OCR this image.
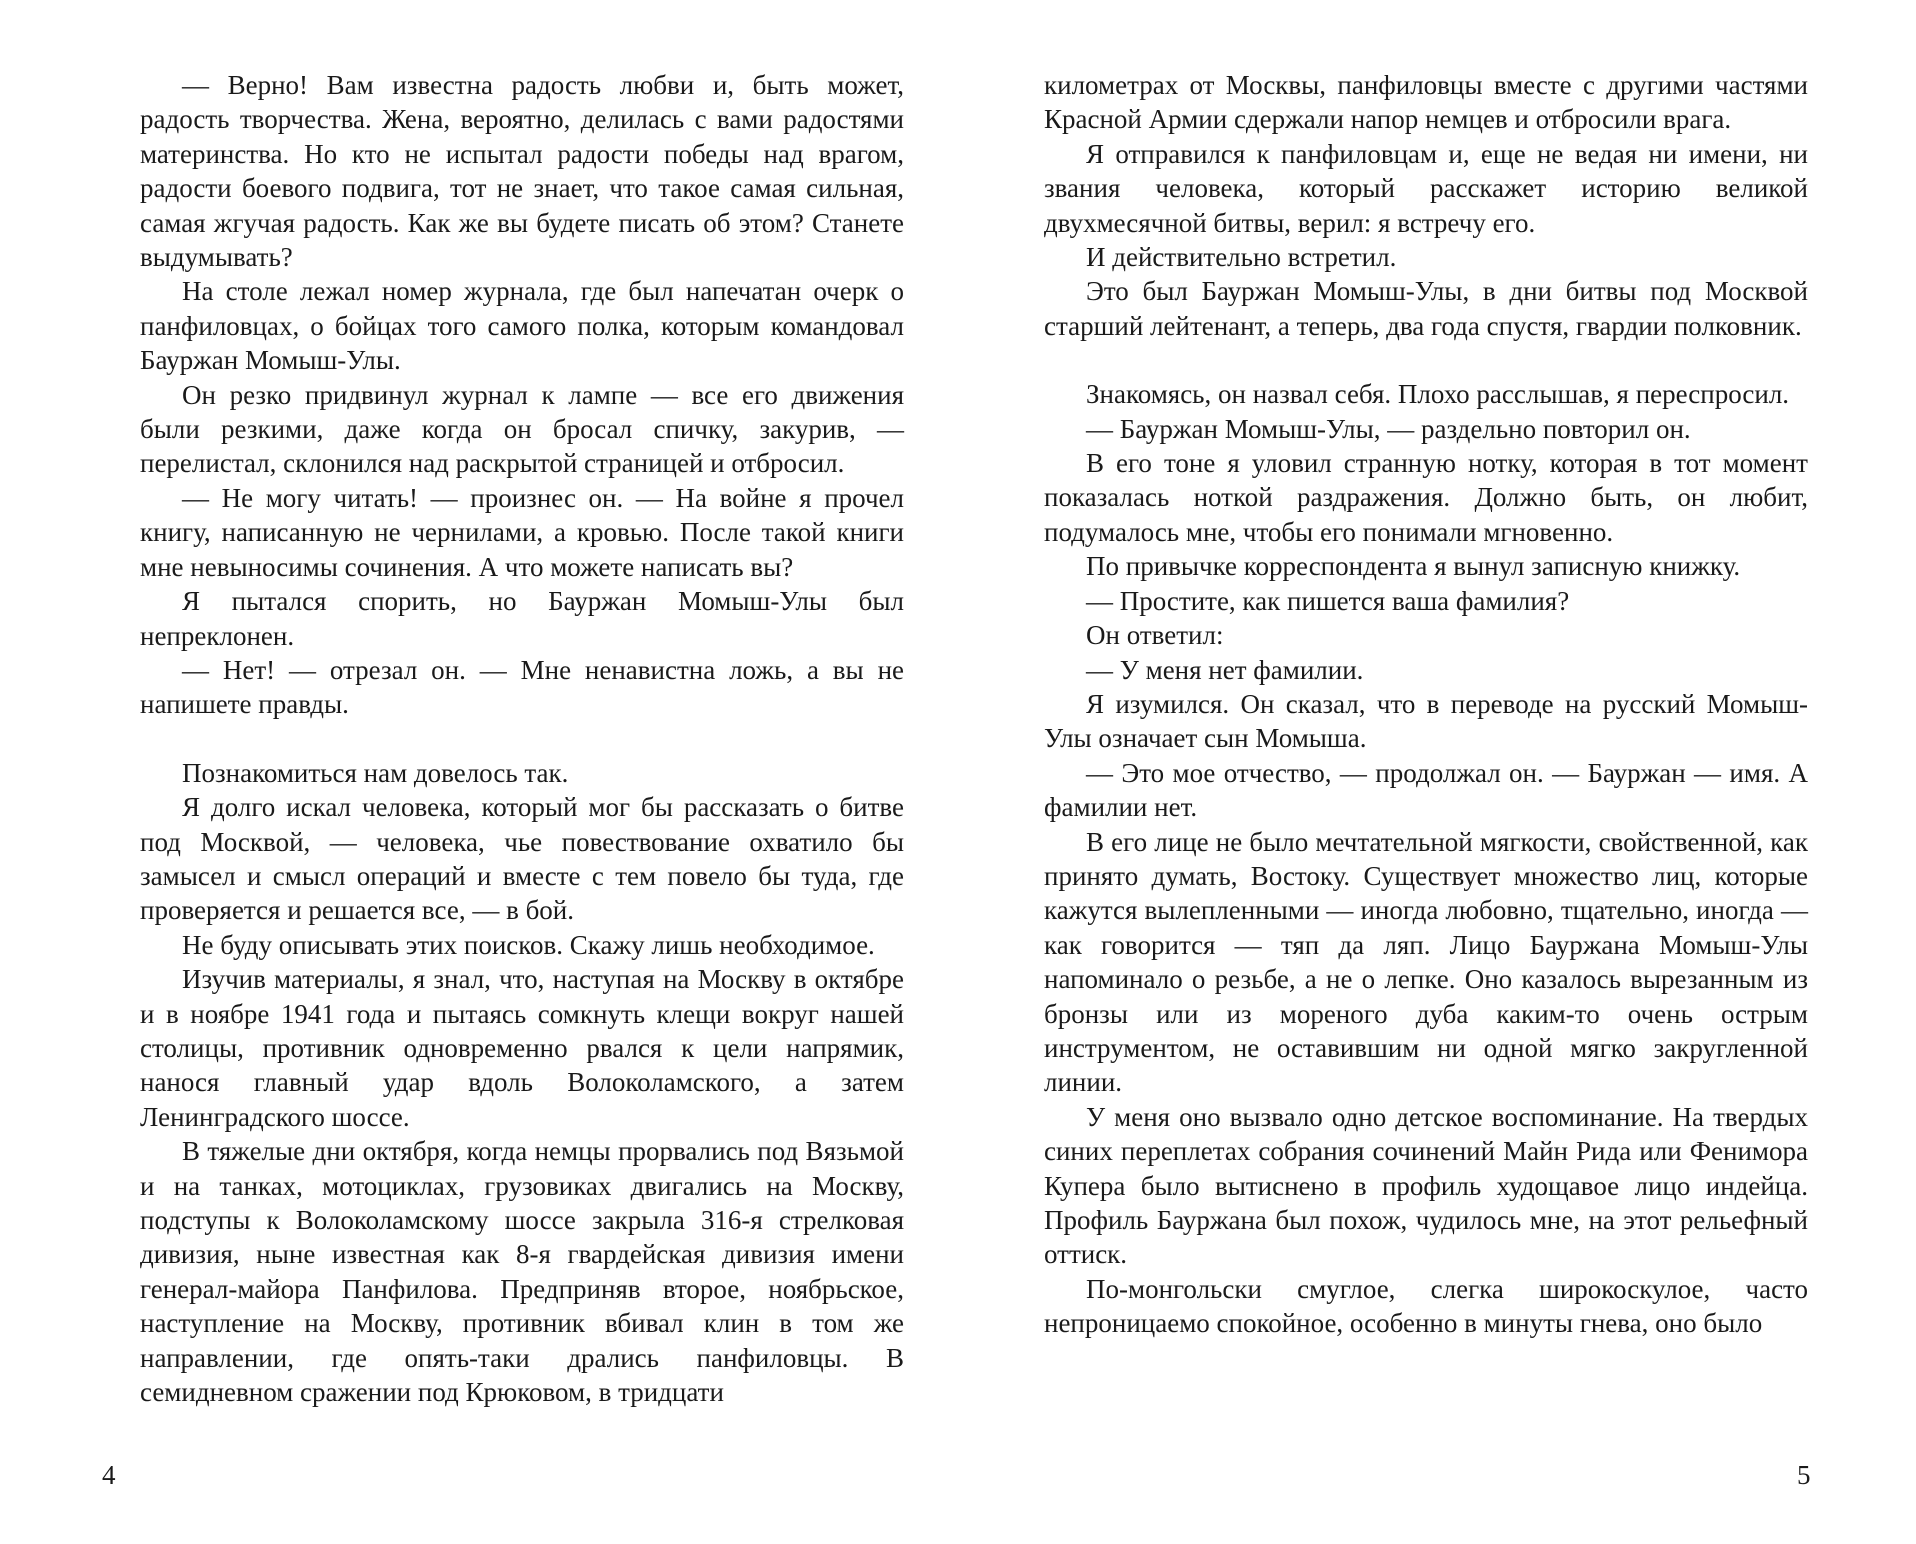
— Верно! Вам известна радость любви и, быть может, радость творчества. Жена, вероятно, делилась с вами радостями материнства. Но кто не испытал радости победы над врагом, радости боевого подвига, тот не знает, что такое самая сильная, самая жгучая радость. Как же вы будете писать об этом? Станете выдумывать?

На столе лежал номер журнала, где был напечатан очерк о панфиловцах, о бойцах того самого полка, которым командовал Бауржан Момыш-Улы.

Он резко придвинул журнал к лампе — все его движения были резкими, даже когда он бросал спичку, закурив, — перелистал, склонился над раскрытой страницей и отбросил.

— Не могу читать! — произнес он. — На войне я прочел книгу, написанную не чернилами, а кровью. После такой книги мне невыносимы сочинения. А что можете написать вы?

Я пытался спорить, но Бауржан Момыш-Улы был непреклонен.

— Нет! — отрезал он. — Мне ненавистна ложь, а вы не напишете правды.

Познакомиться нам довелось так.

Я долго искал человека, который мог бы рассказать о битве под Москвой, — человека, чье повествование охватило бы замысел и смысл операций и вместе с тем повело бы туда, где проверяется и решается все, — в бой.

Не буду описывать этих поисков. Скажу лишь необходимое.

Изучив материалы, я знал, что, наступая на Москву в октябре и в ноябре 1941 года и пытаясь сомкнуть клещи вокруг нашей столицы, противник одновременно рвался к цели напрямик, нанося главный удар вдоль Волоколамского, а затем Ленинградского шоссе.

В тяжелые дни октября, когда немцы прорвались под Вязьмой и на танках, мотоциклах, грузовиках двигались на Москву, подступы к Волоколамскому шоссе закрыла 316-я стрелковая дивизия, ныне известная как 8-я гвардейская дивизия имени генерал-майора Панфилова. Предприняв второе, ноябрьское, наступление на Москву, противник вбивал клин в том же направлении, где опять-таки дрались панфиловцы. В семидневном сражении под Крюковом, в тридцати

4

километрах от Москвы, панфиловцы вместе с другими частями Красной Армии сдержали напор немцев и отбросили врага.

Я отправился к панфиловцам и, еще не ведая ни имени, ни звания человека, который расскажет историю великой двухмесячной битвы, верил: я встречу его.

И действительно встретил.

Это был Бауржан Момыш-Улы, в дни битвы под Москвой старший лейтенант, а теперь, два года спустя, гвардии полковник.

Знакомясь, он назвал себя. Плохо расслышав, я переспросил.

— Бауржан Момыш-Улы, — раздельно повторил он.

В его тоне я уловил странную нотку, которая в тот момент показалась ноткой раздражения. Должно быть, он любит, подумалось мне, чтобы его понимали мгновенно.

По привычке корреспондента я вынул записную книжку.

— Простите, как пишется ваша фамилия?

Он ответил:

— У меня нет фамилии.

Я изумился. Он сказал, что в переводе на русский Момыш-Улы означает сын Момыша.

— Это мое отчество, — продолжал он. — Бауржан — имя. А фамилии нет.

В его лице не было мечтательной мягкости, свойственной, как принято думать, Востоку. Существует множество лиц, которые кажутся вылепленными — иногда любовно, тщательно, иногда — как говорится — тяп да ляп. Лицо Бауржана Момыш-Улы напоминало о резьбе, а не о лепке. Оно казалось вырезанным из бронзы или из мореного дуба каким-то очень острым инструментом, не оставившим ни одной мягко закругленной линии.

У меня оно вызвало одно детское воспоминание. На твердых синих переплетах собрания сочинений Майн Рида или Фенимора Купера было вытиснено в профиль худощавое лицо индейца. Профиль Бауржана был похож, чудилось мне, на этот рельефный оттиск.

По-монгольски смуглое, слегка широкоскулое, часто непроницаемо спокойное, особенно в минуты гнева, оно было

5
